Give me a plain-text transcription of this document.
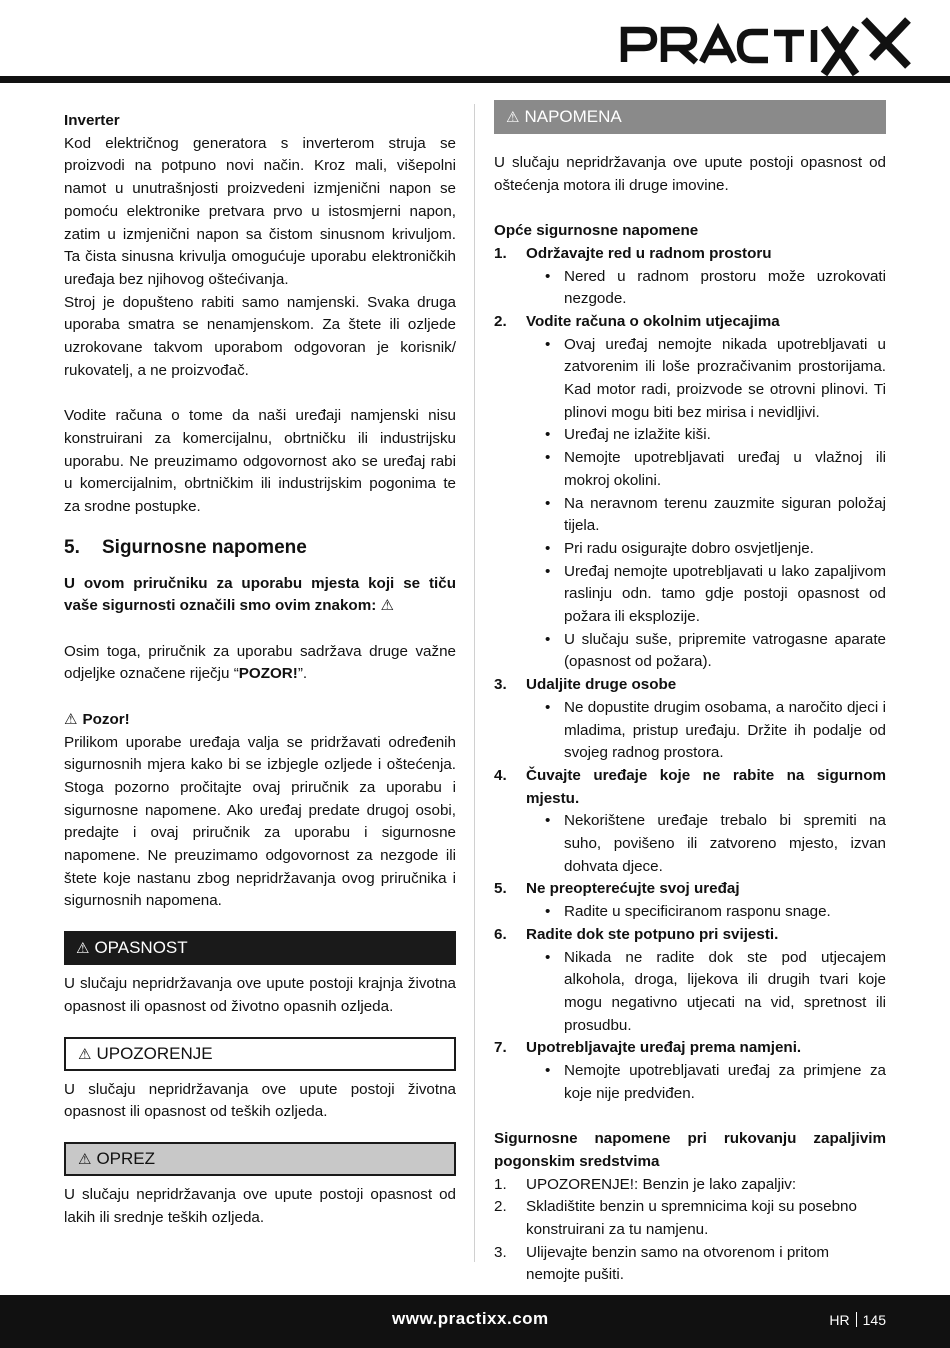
Inverter

Kod električnog generatora s inverterom struja se proizvodi na potpuno novi način. Kroz mali, višepolni namot u unutrašnjosti proizvedeni izmjenični napon se pomoću elektronike pretvara prvo u istosmjerni napon, zatim u izmjenični napon sa čistom sinusnom krivuljom. Ta čista sinusna krivulja omogućuje uporabu elektroničkih uređaja bez njihovog oštećivanja.

Stroj je dopušteno rabiti samo namjenski. Svaka druga uporaba smatra se nenamjenskom. Za štete ili ozljede uzrokovane takvom uporabom odgovoran je korisnik/ rukovatelj, a ne proizvođač.

Vodite računa o tome da naši uređaji namjenski nisu konstruirani za komercijalnu, obrtničku ili industrijsku uporabu. Ne preuzimamo odgovornost ako se uređaj rabi u komercijalnim, obrtničkim ili industrijskim pogonima te za srodne postupke.

5.	Sigurnosne napomene

U ovom priručniku za uporabu mjesta koji se tiču vaše sigurnosti označili smo ovim znakom: ⚠

Osim toga, priručnik za uporabu sadržava druge važne odjeljke označene riječju “POZOR!”.

⚠ Pozor!

Prilikom uporabe uređaja valja se pridržavati određenih sigurnosnih mjera kako bi se izbjegle ozljede i oštećenja. Stoga pozorno pročitajte ovaj priručnik za uporabu i sigurnosne napomene. Ako uređaj predate drugoj osobi, predajte i ovaj priručnik za uporabu i sigurnosne napomene. Ne preuzimamo odgovornost za nezgode ili štete koje nastanu zbog nepridržavanja ovog priručnika i sigurnosnih napomena.

⚠ OPASNOST

U slučaju nepridržavanja ove upute postoji krajnja životna opasnost ili opasnost od životno opasnih ozljeda.

⚠ UPOZORENJE

U slučaju nepridržavanja ove upute postoji životna opasnost ili opasnost od teških ozljeda.

⚠ OPREZ

U slučaju nepridržavanja ove upute postoji opasnost od lakih ili srednje teških ozljeda.

⚠ NAPOMENA

U slučaju nepridržavanja ove upute postoji opasnost od oštećenja motora ili druge imovine.

Opće sigurnosne napomene
1.	Održavajte red u radnom prostoru
• Nered u radnom prostoru može uzrokovati nezgode.
2.	Vodite računa o okolnim utjecajima
• Ovaj uređaj nemojte nikada upotrebljavati u zatvorenim ili loše prozračivanim prostorijama. Kad motor radi, proizvode se otrovni plinovi. Ti plinovi mogu biti bez mirisa i nevidljivi.
• Uređaj ne izlažite kiši.
• Nemojte upotrebljavati uređaj u vlažnoj ili mokroj okolini.
• Na neravnom terenu zauzmite siguran položaj tijela.
• Pri radu osigurajte dobro osvjetljenje.
• Uređaj nemojte upotrebljavati u lako zapaljivom raslinju odn. tamo gdje postoji opasnost od požara ili eksplozije.
• U slučaju suše, pripremite vatrogasne aparate (opasnost od požara).
3.	Udaljite druge osobe
• Ne dopustite drugim osobama, a naročito djeci i mladima, pristup uređaju. Držite ih podalje od svojeg radnog prostora.
4.	Čuvajte uređaje koje ne rabite na sigurnom mjestu.
• Nekorištene uređaje trebalo bi spremiti na suho, povišeno ili zatvoreno mjesto, izvan dohvata djece.
5.	Ne preopterećujte svoj uređaj
• Radite u specificiranom rasponu snage.
6.	Radite dok ste potpuno pri svijesti.
• Nikada ne radite dok ste pod utjecajem alkohola, droga, lijekova ili drugih tvari koje mogu negativno utjecati na vid, spretnost ili prosudbu.
7.	Upotrebljavajte uređaj prema namjeni.
• Nemojte upotrebljavati uređaj za primjene za koje nije predviđen.

Sigurnosne napomene pri rukovanju zapaljivim pogonskim sredstvima

1.	UPOZORENJE!: Benzin je lako zapaljiv:
2.	Skladištite benzin u spremnicima koji su posebno konstruirani za tu namjenu.
3.	Ulijevajte benzin samo na otvorenom i pritom nemojte pušiti.
www.practixx.com	HR 145
